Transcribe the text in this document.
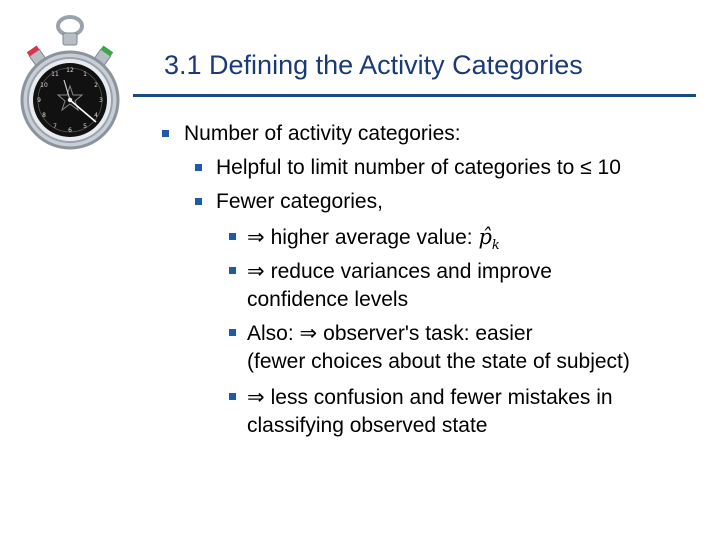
12
1
2
3
4
5
6
7
8
9
10
11	3.1 Defining the Activity Categories
Number of activity categories:
Helpful to limit number of categories to ≤ 10
Fewer categories,
⇒ higher average value: $p̂_k$
⇒ reduce variances and improve
confidence levels
Also: ⇒ observer's task: easier
(fewer choices about the state of subject)
⇒ less confusion and fewer mistakes in
classifying observed state
